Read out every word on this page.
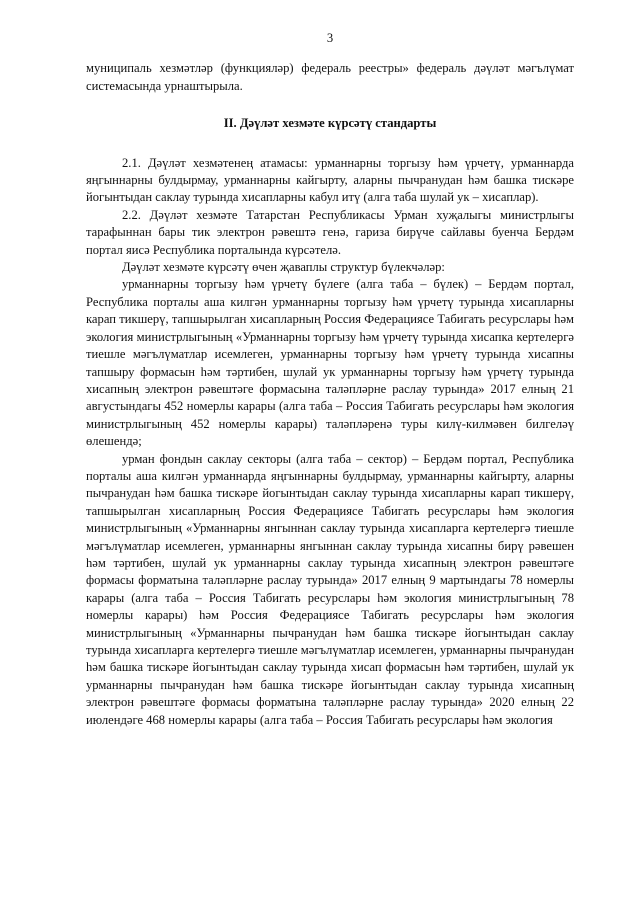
3

муниципаль хезмәтләр (функцияләр) федераль реестры» федераль дәүләт мәгълүмат системасында урнаштырыла.

II. Дәүләт хезмәте күрсәтү стандарты

2.1. Дәүләт хезмәтенең атамасы: урманнарны торгызу һәм үрчетү, урманнарда яңгыннарны булдырмау, урманнарны кайгырту, аларны пычранудан һәм башка тискәре йогынтыдан саклау турында хисапларны кабул итү (алга таба шулай ук – хисаплар).

2.2. Дәүләт хезмәте Татарстан Республикасы Урман хуҗалыгы министрлыгы тарафыннан бары тик электрон рәвештә генә, гариза бирүче сайлавы буенча Бердәм портал яисә Республика порталында күрсәтелә.

Дәүләт хезмәте күрсәтү өчен җаваплы структур бүлекчәләр:

урманнарны торгызу һәм үрчетү бүлеге (алга таба – бүлек) – Бердәм портал, Республика порталы аша килгән урманнарны торгызу һәм үрчетү турында хисапларны карап тикшерү, тапшырылган хисапларның Россия Федерациясе Табигать ресурслары һәм экология министрлыгының «Урманнарны торгызу һәм үрчетү турында хисапка кертелергә тиешле мәгълүматлар исемлеген, урманнарны торгызу һәм үрчетү турында хисапны тапшыру формасын һәм тәртибен, шулай ук урманнарны торгызу һәм үрчетү турында хисапның электрон рәвештәге формасына таләпләрне раслау турында» 2017 елның 21 августындагы 452 номерлы карары (алга таба – Россия Табигать ресурслары һәм экология министрлыгының 452 номерлы карары) таләпләренә туры килү-килмәвен билгеләү өлешендә;

урман фондын саклау секторы (алга таба – сектор) – Бердәм портал, Республика порталы аша килгән урманнарда яңгыннарны булдырмау, урманнарны кайгырту, аларны пычранудан һәм башка тискәре йогынтыдан саклау турында хисапларны карап тикшерү, тапшырылган хисапларның Россия Федерациясе Табигать ресурслары һәм экология министрлыгының «Урманнарны янгыннан саклау турында хисапларга кертелергә тиешле мәгълүматлар исемлеген, урманнарны янгыннан саклау турында хисапны бирү рәвешен һәм тәртибен, шулай ук урманнарны саклау турында хисапның электрон рәвештәге формасы форматына таләпләрне раслау турында» 2017 елның 9 мартындагы 78 номерлы карары (алга таба – Россия Табигать ресурслары һәм экология министрлыгының 78 номерлы карары) һәм Россия Федерациясе Табигать ресурслары һәм экология министрлыгының «Урманнарны пычранудан һәм башка тискәре йогынтыдан саклау турында хисапларга кертелергә тиешле мәгълүматлар исемлеген, урманнарны пычранудан һәм башка тискәре йогынтыдан саклау турында хисап формасын һәм тәртибен, шулай ук урманнарны пычранудан һәм башка тискәре йогынтыдан саклау турында хисапның электрон рәвештәге формасы форматына таләпләрне раслау турында» 2020 елның 22 июлендәге 468 номерлы карары (алга таба – Россия Табигать ресурслары һәм экология
